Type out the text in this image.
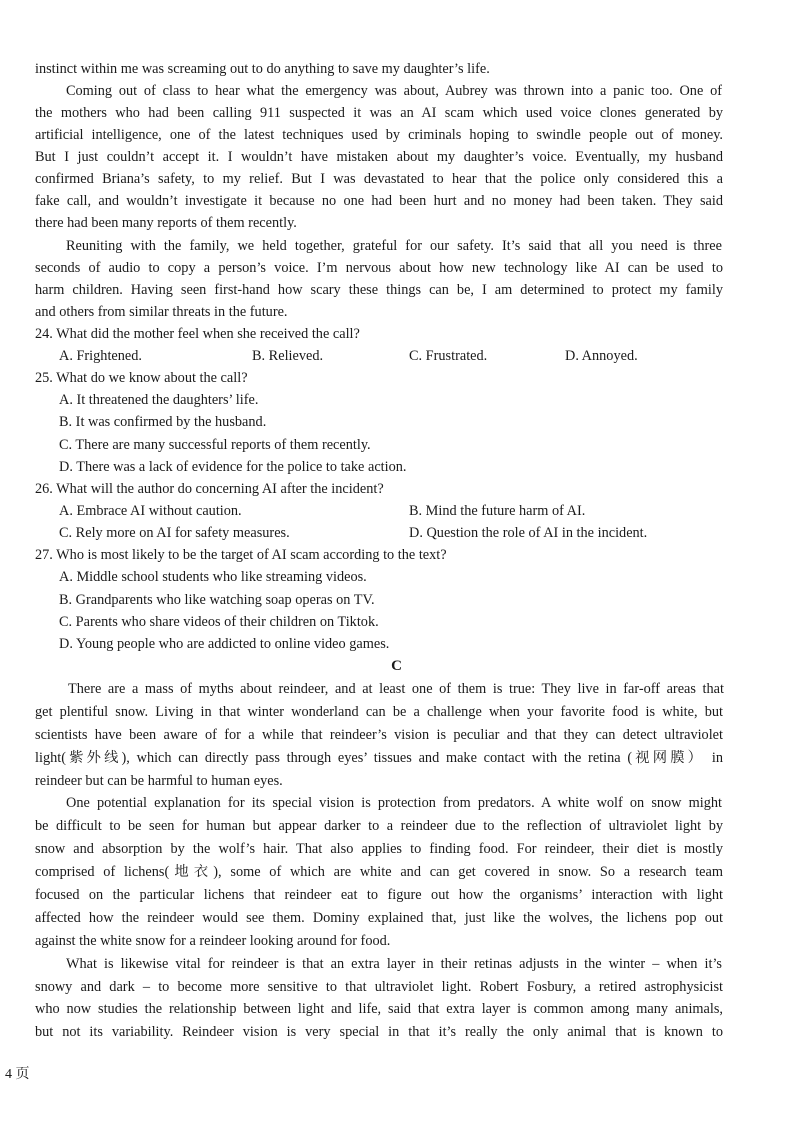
instinct within me was screaming out to do anything to save my daughter’s life.
Coming out of class to hear what the emergency was about, Aubrey was thrown into a panic too. One of
the mothers who had been calling 911 suspected it was an AI scam which used voice clones generated by
artificial intelligence, one of the latest techniques used by criminals hoping to swindle people out of money.
But I just couldn’t accept it. I wouldn’t have mistaken about my daughter’s voice. Eventually, my husband
confirmed Briana’s safety, to my relief. But I was devastated to hear that the police only considered this a
fake call, and wouldn’t investigate it because no one had been hurt and no money had been taken. They said
there had been many reports of them recently.
Reuniting with the family, we held together, grateful for our safety. It’s said that all you need is three
seconds of audio to copy a person’s voice. I’m nervous about how new technology like AI can be used to
harm children. Having seen first-hand how scary these things can be, I am determined to protect my family
and others from similar threats in the future.
24. What did the mother feel when she received the call?
A. Frightened.	B. Relieved.	C. Frustrated.	D. Annoyed.
25. What do we know about the call?
A. It threatened the daughters’ life.
B. It was confirmed by the husband.
C. There are many successful reports of them recently.
D. There was a lack of evidence for the police to take action.
26. What will the author do concerning AI after the incident?
A. Embrace AI without caution.	B. Mind the future harm of AI.
C. Rely more on AI for safety measures.	D. Question the role of AI in the incident.
27. Who is most likely to be the target of AI scam according to the text?
A. Middle school students who like streaming videos.
B. Grandparents who like watching soap operas on TV.
C. Parents who share videos of their children on Tiktok.
D. Young people who are addicted to online video games.
C
There are a mass of myths about reindeer, and at least one of them is true: They live in far-off areas that
get plentiful snow. Living in that winter wonderland can be a challenge when your favorite food is white, but
scientists have been aware of for a while that reindeer’s vision is peculiar and that they can detect ultraviolet
light(紫外线), which can directly pass through eyes’ tissues and make contact with the retina (视网膜） in
reindeer but can be harmful to human eyes.
One potential explanation for its special vision is protection from predators. A white wolf on snow might
be difficult to be seen for human but appear darker to a reindeer due to the reflection of ultraviolet light by
snow and absorption by the wolf’s hair. That also applies to finding food. For reindeer, their diet is mostly
comprised of lichens(地衣), some of which are white and can get covered in snow. So a research team
focused on the particular lichens that reindeer eat to figure out how the organisms’ interaction with light
affected how the reindeer would see them. Dominy explained that, just like the wolves, the lichens pop out
against the white snow for a reindeer looking around for food.
What is likewise vital for reindeer is that an extra layer in their retinas adjusts in the winter – when it’s
snowy and dark – to become more sensitive to that ultraviolet light. Robert Fosbury, a retired astrophysicist
who now studies the relationship between light and life, said that extra layer is common among many animals,
but not its variability. Reindeer vision is very special in that it’s really the only animal that is known to
4 页
